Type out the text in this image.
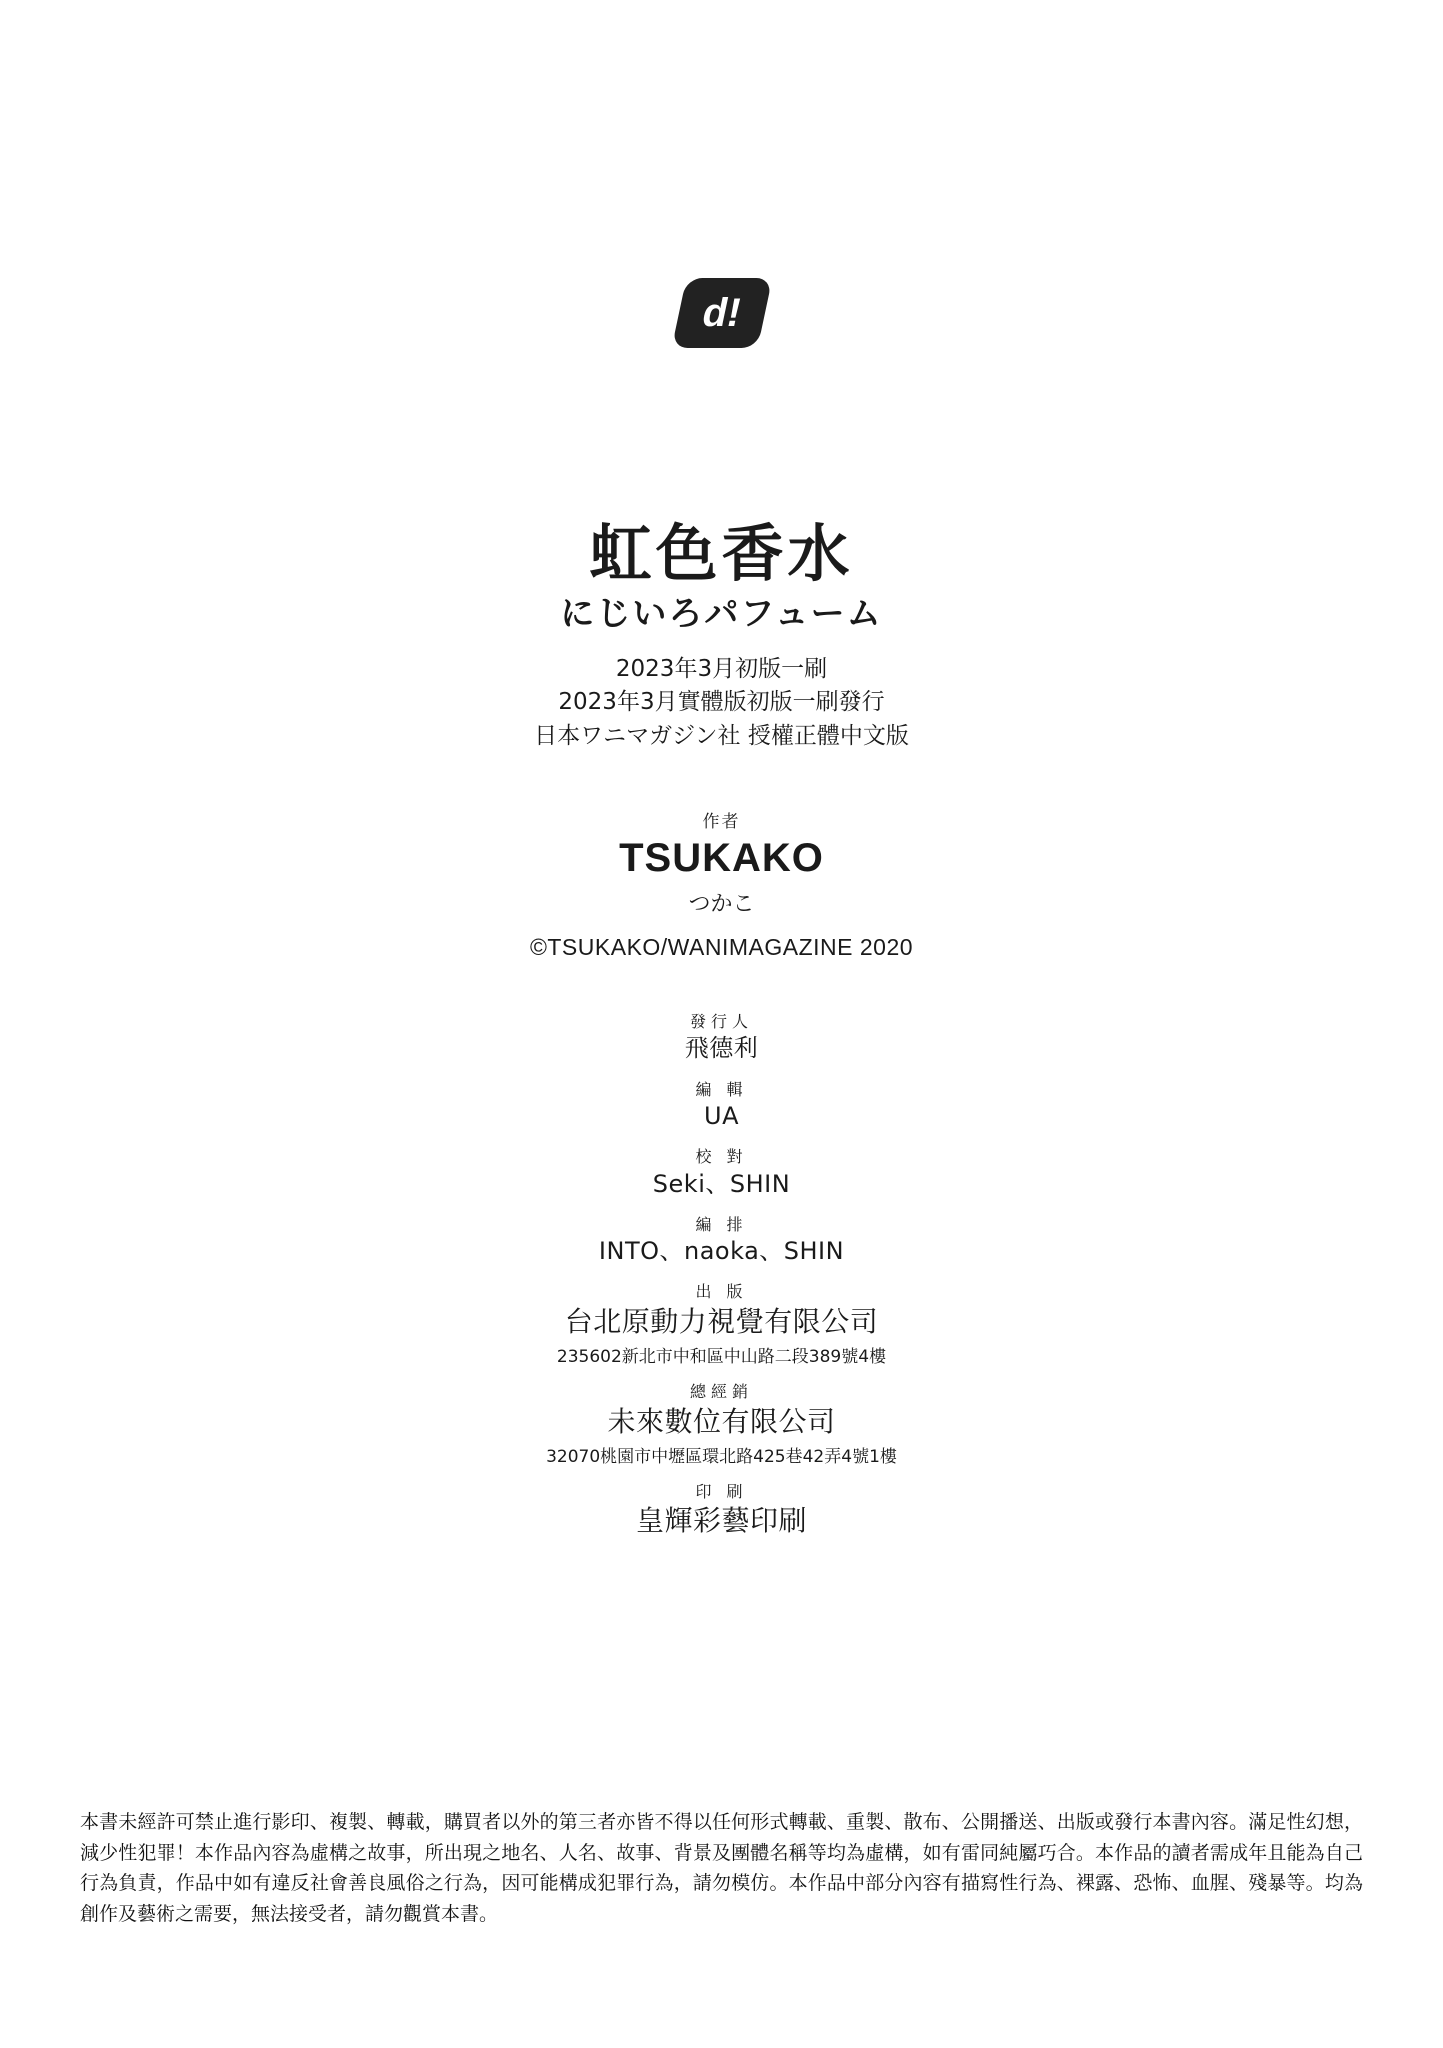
d!
虹色香水
にじいろパフューム
2023年3月初版一刷
2023年3月實體版初版一刷發行
日本ワニマガジン社 授權正體中文版
作者
TSUKAKO
つかこ
©TSUKAKO/WANIMAGAZINE 2020
發行人
飛德利
編 輯
UA
校 對
Seki、SHIN
編 排
INTO、naoka、SHIN
出 版
台北原動力視覺有限公司
235602新北市中和區中山路二段389號4樓
總經銷
未來數位有限公司
32070桃園市中壢區環北路425巷42弄4號1樓
印 刷
皇輝彩藝印刷

本書未經許可禁止進行影印、複製、轉載，購買者以外的第三者亦皆不得以任何形式轉載、重製、散布、公開播送、出版或發行本書內容。滿足性幻想，減少性犯罪！本作品內容為虛構之故事，所出現之地名、人名、故事、背景及團體名稱等均為虛構，如有雷同純屬巧合。本作品的讀者需成年且能為自己行為負責，作品中如有違反社會善良風俗之行為，因可能構成犯罪行為，請勿模仿。本作品中部分內容有描寫性行為、裸露、恐怖、血腥、殘暴等。均為創作及藝術之需要，無法接受者，請勿觀賞本書。
